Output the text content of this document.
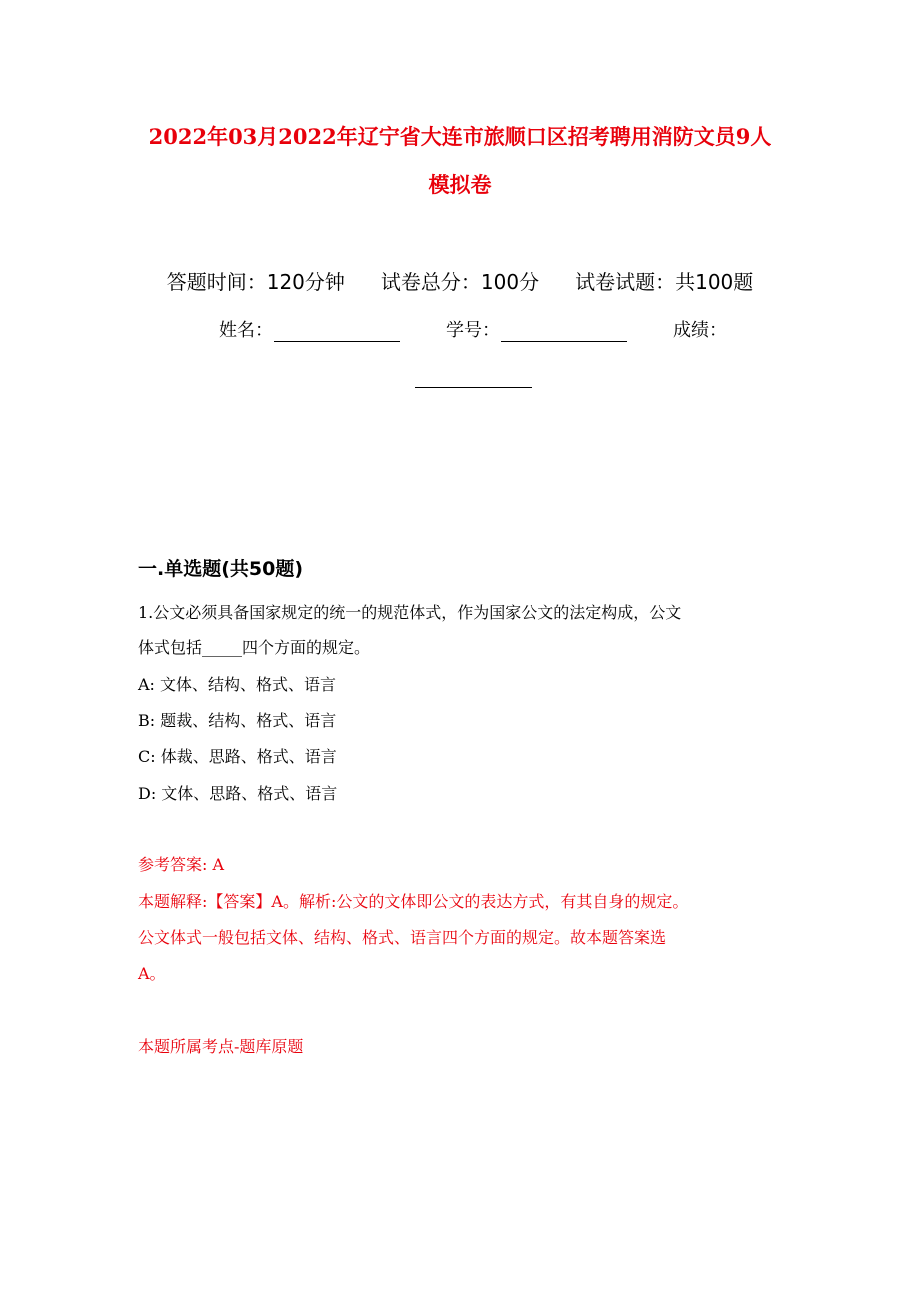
2022年03月2022年辽宁省大连市旅顺口区招考聘用消防文员9人
模拟卷
答题时间：120分钟 试卷总分：100分 试卷试题：共100题
姓名：	学号：	成绩：
一.单选题(共50题)
1.公文必须具备国家规定的统一的规范体式，作为国家公文的法定构成，公文
体式包括_____四个方面的规定。
A: 文体、结构、格式、语言
B: 题裁、结构、格式、语言
C: 体裁、思路、格式、语言
D: 文体、思路、格式、语言
参考答案: A
本题解释:【答案】A。解析:公文的文体即公文的表达方式，有其自身的规定。
公文体式一般包括文体、结构、格式、语言四个方面的规定。故本题答案选
A。
本题所属考点-题库原题
